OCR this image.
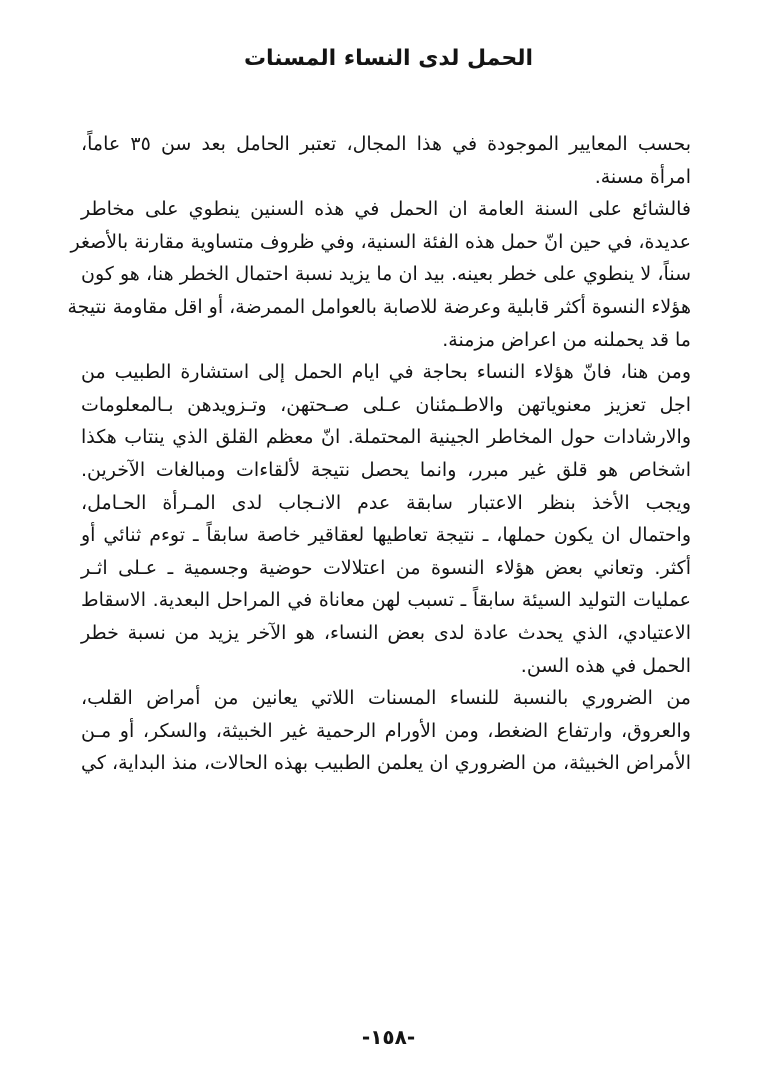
الحمل لدى النساء المسنات
بحسب المعايير الموجودة في هذا المجال، تعتبر الحامل بعد سن ٣٥ عاماً،
امرأة مسنة.
فالشائع على السنة العامة ان الحمل في هذه السنين ينطوي على مخاطر
عديدة، في حين انّ حمل هذه الفئة السنية، وفي ظروف متساوية مقارنة بالأصغر
سناً، لا ينطوي على خطر بعينه. بيد ان ما يزيد نسبة احتمال الخطر هنا، هو كون
هؤلاء النسوة أكثر قابلية وعرضة للاصابة بالعوامل الممرضة، أو اقل مقاومة نتيجة
ما قد يحملنه من اعراض مزمنة.
ومن هنا، فانّ هؤلاء النساء بحاجة في ايام الحمل إلى استشارة الطبيب من
اجل تعزيز معنوياتهن والاطـمئنان عـلى صـحتهن، وتـزويدهن بـالمعلومات
والارشادات حول المخاطر الجينية المحتملة. انّ معظم القلق الذي ينتاب هكذا
اشخاص هو قلق غير مبرر، وانما يحصل نتيجة لألقاءات ومبالغات الآخرين.
ويجب الأخذ بنظر الاعتبار سابقة عدم الانـجاب لدى المـرأة الحـامل،
واحتمال ان يكون حملها، ـ نتيجة تعاطيها لعقاقير خاصة سابقاً ـ توءم ثنائي أو
أكثر. وتعاني بعض هؤلاء النسوة من اعتلالات حوضية وجسمية ـ عـلى اثـر
عمليات التوليد السيئة سابقاً ـ تسبب لهن معاناة في المراحل البعدية. الاسقاط
الاعتيادي، الذي يحدث عادة لدى بعض النساء، هو الآخر يزيد من نسبة خطر
الحمل في هذه السن.
من الضروري بالنسبة للنساء المسنات اللاتي يعانين من أمراض القلب،
والعروق، وارتفاع الضغط، ومن الأورام الرحمية غير الخبيثة، والسكر، أو مـن
الأمراض الخبيثة، من الضروري ان يعلمن الطبيب بهذه الحالات، منذ البداية، كي
-١٥٨-
